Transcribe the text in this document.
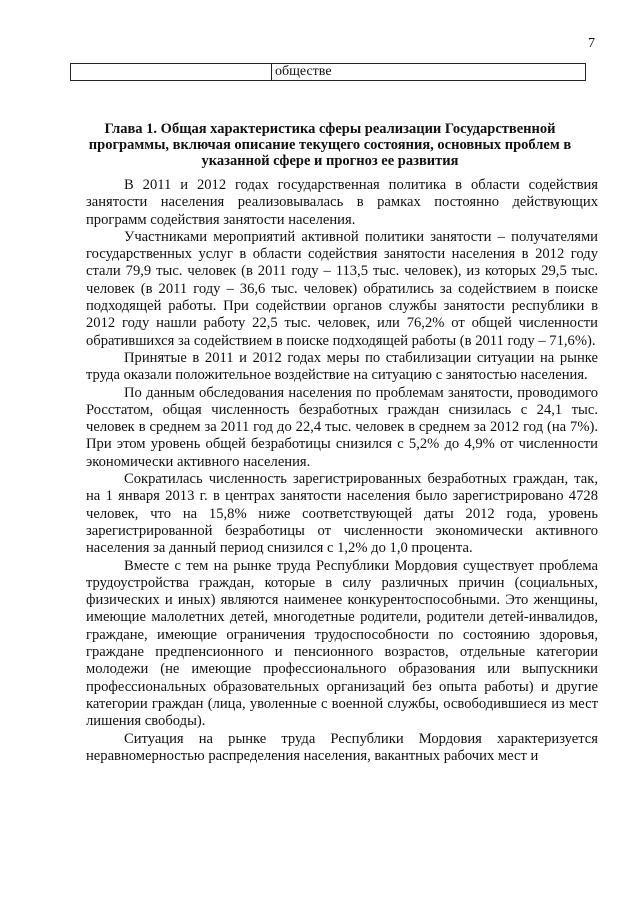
7
обществе
Глава 1. Общая характеристика сферы реализации Государственной программы, включая описание текущего состояния, основных проблем в указанной сфере и прогноз ее развития

В 2011 и 2012 годах государственная политика в области содействия занятости населения реализовывалась в рамках постоянно действующих программ содействия занятости населения.

Участниками мероприятий активной политики занятости – получателями государственных услуг в области содействия занятости населения в 2012 году стали 79,9 тыс. человек (в 2011 году – 113,5 тыс. человек), из которых 29,5 тыс. человек (в 2011 году – 36,6 тыс. человек) обратились за содействием в поиске подходящей работы. При содействии органов службы занятости республики в 2012 году нашли работу 22,5 тыс. человек, или 76,2% от общей численности обратившихся за содействием в поиске подходящей работы (в 2011 году – 71,6%).

Принятые в 2011 и 2012 годах меры по стабилизации ситуации на рынке труда оказали положительное воздействие на ситуацию с занятостью населения.

По данным обследования населения по проблемам занятости, проводимого Росстатом, общая численность безработных граждан снизилась с 24,1 тыс. человек в среднем за 2011 год до 22,4 тыс. человек в среднем за 2012 год (на 7%). При этом уровень общей безработицы снизился с 5,2% до 4,9% от численности экономически активного населения.

Сократилась численность зарегистрированных безработных граждан, так, на 1 января 2013 г. в центрах занятости населения было зарегистрировано 4728 человек, что на 15,8% ниже соответствующей даты 2012 года, уровень зарегистрированной безработицы от численности экономически активного населения за данный период снизился с 1,2% до 1,0 процента.

Вместе с тем на рынке труда Республики Мордовия существует проблема трудоустройства граждан, которые в силу различных причин (социальных, физических и иных) являются наименее конкурентоспособными. Это женщины, имеющие малолетних детей, многодетные родители, родители детей-инвалидов, граждане, имеющие ограничения трудоспособности по состоянию здоровья, граждане предпенсионного и пенсионного возрастов, отдельные категории молодежи (не имеющие профессионального образования или выпускники профессиональных образовательных организаций без опыта работы) и другие категории граждан (лица, уволенные с военной службы, освободившиеся из мест лишения свободы).

Ситуация на рынке труда Республики Мордовия характеризуется неравномерностью распределения населения, вакантных рабочих мест и
